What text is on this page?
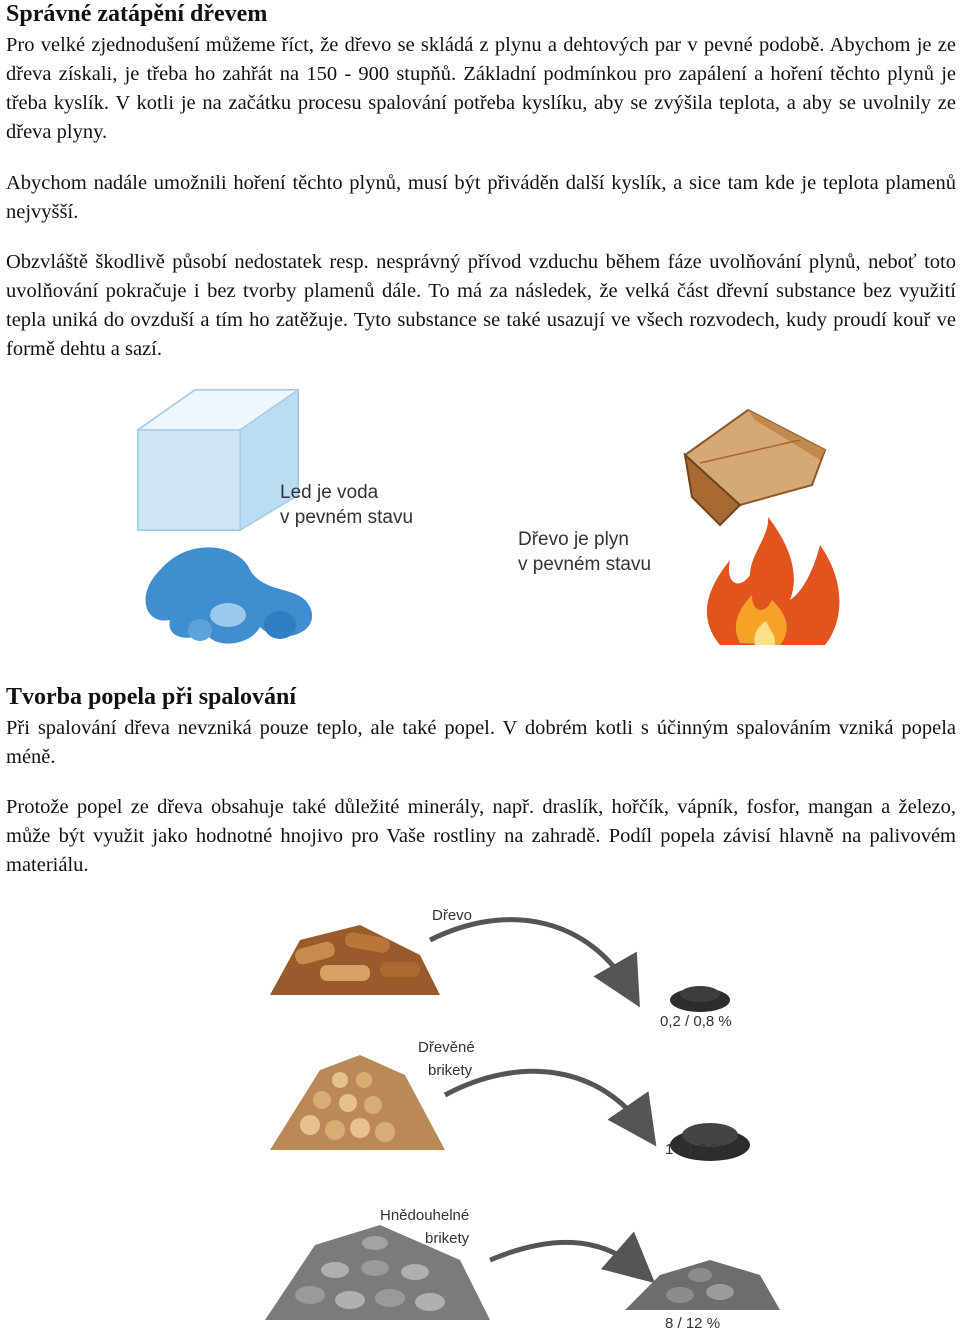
Správné zatápění dřevem

Pro velké zjednodušení můžeme říct, že dřevo se skládá z plynu a dehtových par v pevné podobě. Abychom je ze dřeva získali, je třeba ho zahřát na 150 - 900 stupňů. Základní podmínkou pro zapálení a hoření těchto plynů je třeba kyslík. V kotli je na začátku procesu spalování potřeba kyslíku, aby se zvýšila teplota, a aby se uvolnily ze dřeva plyny.

Abychom nadále umožnili hoření těchto plynů, musí být přiváděn další kyslík, a sice tam kde je teplota plamenů nejvyšší.

Obzvláště škodlivě působí nedostatek resp. nesprávný přívod vzduchu během fáze uvolňování plynů, neboť toto uvolňování pokračuje i bez tvorby plamenů dále. To má za následek, že velká část dřevní substance bez využití tepla uniká do ovzduší a tím ho zatěžuje. Tyto substance se také usazují ve všech rozvodech, kudy proudí kouř ve formě dehtu a sazí.

Led je voda
v pevném stavu
Dřevo je plyn
v pevném stavu
Tvorba popela při spalování

Při spalování dřeva nevzniká pouze teplo, ale také popel. V dobrém kotli s účinným spalováním vzniká popela méně.

Protože popel ze dřeva obsahuje také důležité minerály, např. draslík, hořčík, vápník, fosfor, mangan a železo, může být využit jako hodnotné hnojivo pro Vaše rostliny na zahradě. Podíl popela závisí hlavně na palivovém materiálu.

Dřevo
0,2 / 0,8 %
Dřevěné
brikety
1 / 1,2 %
Hnědouhelné
brikety
8 / 12 %
